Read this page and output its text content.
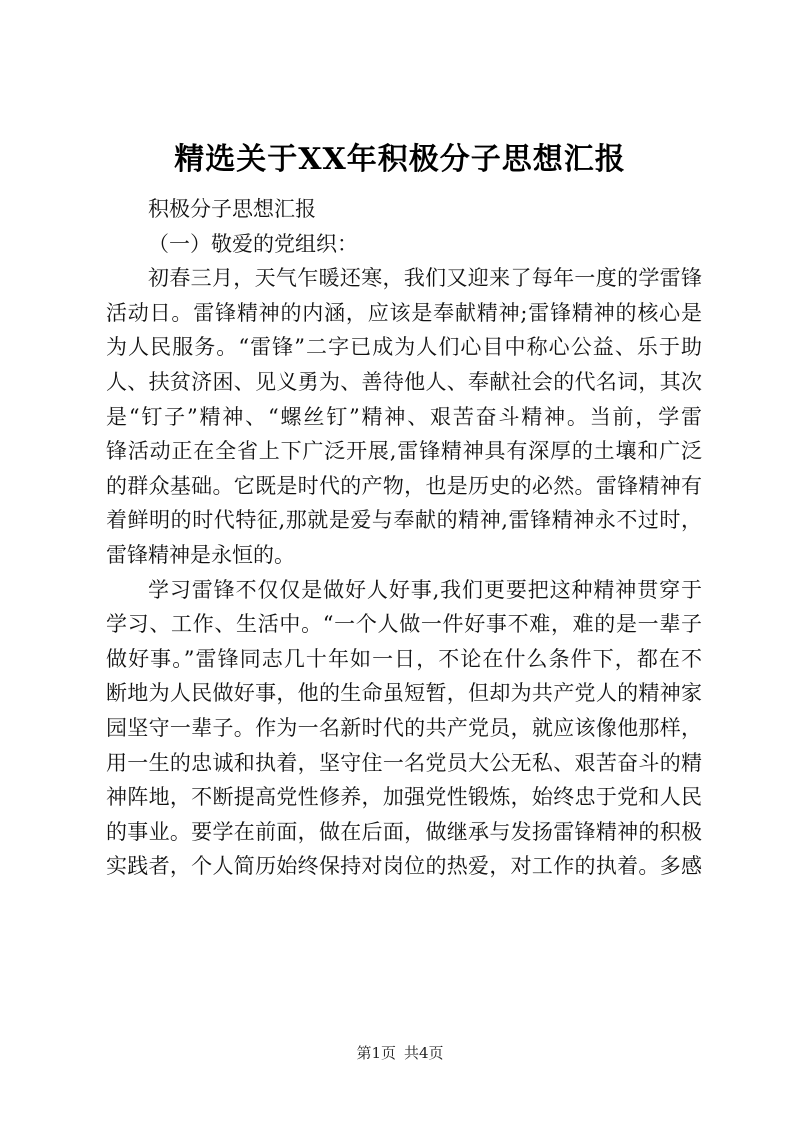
精选关于XX年积极分子思想汇报
积极分子思想汇报
（一）敬爱的党组织：
初春三月，天气乍暖还寒，我们又迎来了每年一度的学雷锋
活动日。雷锋精神的内涵，应该是奉献精神;雷锋精神的核心是
为人民服务。“雷锋”二字已成为人们心目中称心公益、乐于助
人、扶贫济困、见义勇为、善待他人、奉献社会的代名词，其次
是“钉子”精神、“螺丝钉”精神、艰苦奋斗精神。当前，学雷
锋活动正在全省上下广泛开展,雷锋精神具有深厚的土壤和广泛
的群众基础。它既是时代的产物，也是历史的必然。雷锋精神有
着鲜明的时代特征,那就是爱与奉献的精神,雷锋精神永不过时，
雷锋精神是永恒的。
学习雷锋不仅仅是做好人好事,我们更要把这种精神贯穿于
学习、工作、生活中。“一个人做一件好事不难，难的是一辈子
做好事。”雷锋同志几十年如一日，不论在什么条件下，都在不
断地为人民做好事，他的生命虽短暂，但却为共产党人的精神家
园坚守一辈子。作为一名新时代的共产党员，就应该像他那样，
用一生的忠诚和执着，坚守住一名党员大公无私、艰苦奋斗的精
神阵地，不断提高党性修养，加强党性锻炼，始终忠于党和人民
的事业。要学在前面，做在后面，做继承与发扬雷锋精神的积极
实践者，个人简历始终保持对岗位的热爱，对工作的执着。多感
第1页 共4页
